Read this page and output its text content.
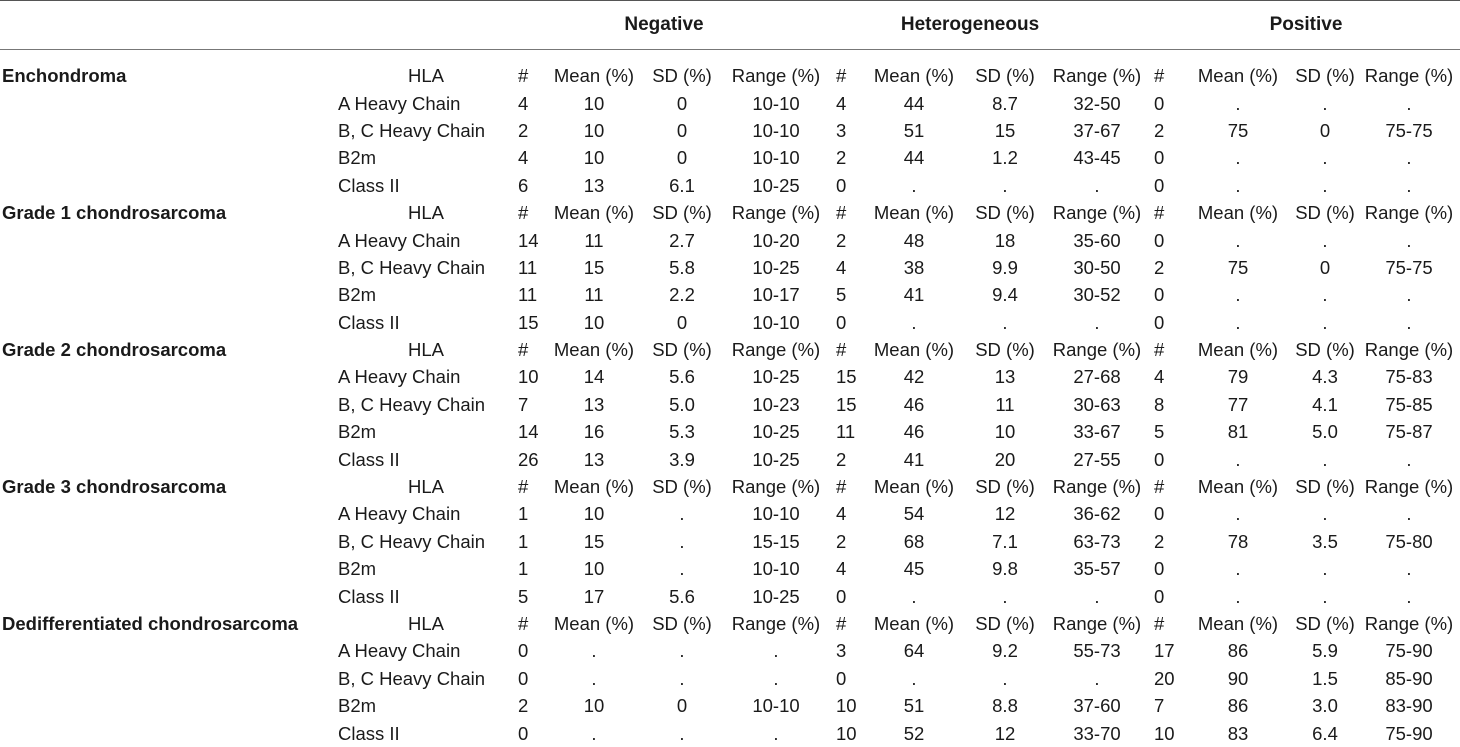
Negative	Heterogeneous	Positive
Enchondroma	HLA	#	Mean (%)	SD (%)	Range (%)	#	Mean (%)	SD (%)	Range (%)	#	Mean (%)	SD (%)	Range (%)
	A Heavy Chain	4	10	0	10-10	4	44	8.7	32-50	0	.	.	.
	B, C Heavy Chain	2	10	0	10-10	3	51	15	37-67	2	75	0	75-75
	B2m	4	10	0	10-10	2	44	1.2	43-45	0	.	.	.
	Class II	6	13	6.1	10-25	0	.	.	.	0	.	.	.
Grade 1 chondrosarcoma	HLA	#	Mean (%)	SD (%)	Range (%)	#	Mean (%)	SD (%)	Range (%)	#	Mean (%)	SD (%)	Range (%)
	A Heavy Chain	14	11	2.7	10-20	2	48	18	35-60	0	.	.	.
	B, C Heavy Chain	11	15	5.8	10-25	4	38	9.9	30-50	2	75	0	75-75
	B2m	11	11	2.2	10-17	5	41	9.4	30-52	0	.	.	.
	Class II	15	10	0	10-10	0	.	.	.	0	.	.	.
Grade 2 chondrosarcoma	HLA	#	Mean (%)	SD (%)	Range (%)	#	Mean (%)	SD (%)	Range (%)	#	Mean (%)	SD (%)	Range (%)
	A Heavy Chain	10	14	5.6	10-25	15	42	13	27-68	4	79	4.3	75-83
	B, C Heavy Chain	7	13	5.0	10-23	15	46	11	30-63	8	77	4.1	75-85
	B2m	14	16	5.3	10-25	11	46	10	33-67	5	81	5.0	75-87
	Class II	26	13	3.9	10-25	2	41	20	27-55	0	.	.	.
Grade 3 chondrosarcoma	HLA	#	Mean (%)	SD (%)	Range (%)	#	Mean (%)	SD (%)	Range (%)	#	Mean (%)	SD (%)	Range (%)
	A Heavy Chain	1	10	.	10-10	4	54	12	36-62	0	.	.	.
	B, C Heavy Chain	1	15	.	15-15	2	68	7.1	63-73	2	78	3.5	75-80
	B2m	1	10	.	10-10	4	45	9.8	35-57	0	.	.	.
	Class II	5	17	5.6	10-25	0	.	.	.	0	.	.	.
Dedifferentiated chondrosarcoma	HLA	#	Mean (%)	SD (%)	Range (%)	#	Mean (%)	SD (%)	Range (%)	#	Mean (%)	SD (%)	Range (%)
	A Heavy Chain	0	.	.	.	3	64	9.2	55-73	17	86	5.9	75-90
	B, C Heavy Chain	0	.	.	.	0	.	.	.	20	90	1.5	85-90
	B2m	2	10	0	10-10	10	51	8.8	37-60	7	86	3.0	83-90
	Class II	0	.	.	.	10	52	12	33-70	10	83	6.4	75-90
